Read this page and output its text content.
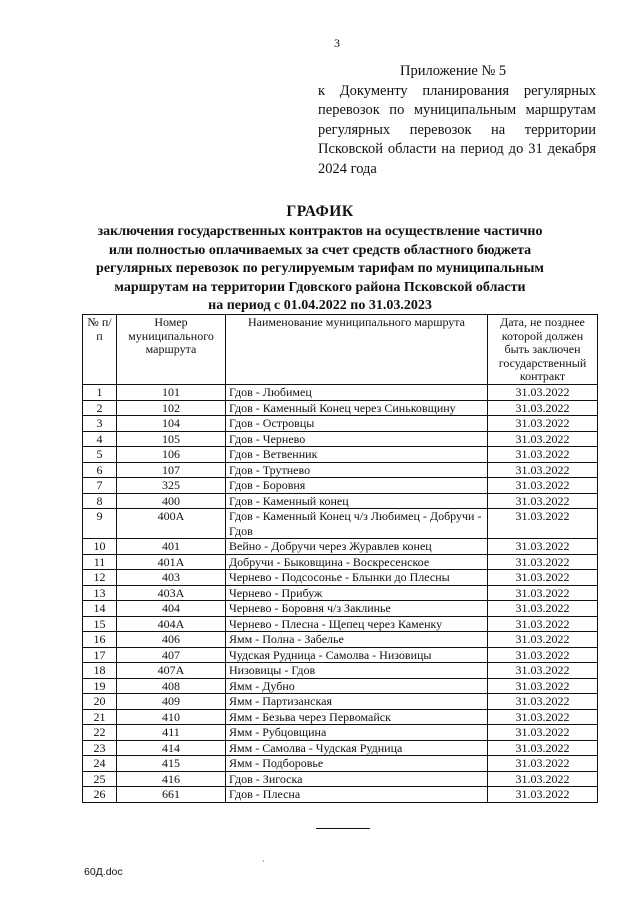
3
Приложение № 5
к Документу планирования регулярных перевозок по муниципальным маршрутам регулярных перевозок на территории Псковской области на период до 31 декабря 2024 года
ГРАФИК
заключения государственных контрактов на осуществление частично
или полностью оплачиваемых за счет средств областного бюджета
регулярных перевозок по регулируемым тарифам по муниципальным
маршрутам на территории Гдовского района Псковской области
на период с 01.04.2022 по 31.03.2023
№ п/п	Номер муниципального маршрута	Наименование муниципального маршрута	Дата, не позднее которой должен быть заключен государственный контракт
1	101	Гдов - Любимец	31.03.2022
2	102	Гдов - Каменный Конец через Синьковщину	31.03.2022
3	104	Гдов - Островцы	31.03.2022
4	105	Гдов - Чернево	31.03.2022
5	106	Гдов - Ветвенник	31.03.2022
6	107	Гдов - Трутнево	31.03.2022
7	325	Гдов - Боровня	31.03.2022
8	400	Гдов - Каменный конец	31.03.2022
9	400А	Гдов - Каменный Конец ч/з Любимец - Добручи - Гдов	31.03.2022
10	401	Вейно - Добручи через Журавлев конец	31.03.2022
11	401А	Добручи - Быковщина - Воскресенское	31.03.2022
12	403	Чернево - Подсосонье - Блынки до Плесны	31.03.2022
13	403А	Чернево - Прибуж	31.03.2022
14	404	Чернево - Боровня ч/з Заклинье	31.03.2022
15	404А	Чернево - Плесна - Щепец через Каменку	31.03.2022
16	406	Ямм - Полна - Забелье	31.03.2022
17	407	Чудская Рудница - Самолва - Низовицы	31.03.2022
18	407А	Низовицы - Гдов	31.03.2022
19	408	Ямм - Дубно	31.03.2022
20	409	Ямм - Партизанская	31.03.2022
21	410	Ямм - Безьва через Первомайск	31.03.2022
22	411	Ямм - Рубцовщина	31.03.2022
23	414	Ямм - Самолва - Чудская Рудница	31.03.2022
24	415	Ямм - Подборовье	31.03.2022
25	416	Гдов - Зигоска	31.03.2022
26	661	Гдов - Плесна	31.03.2022
·
60Д.doc
